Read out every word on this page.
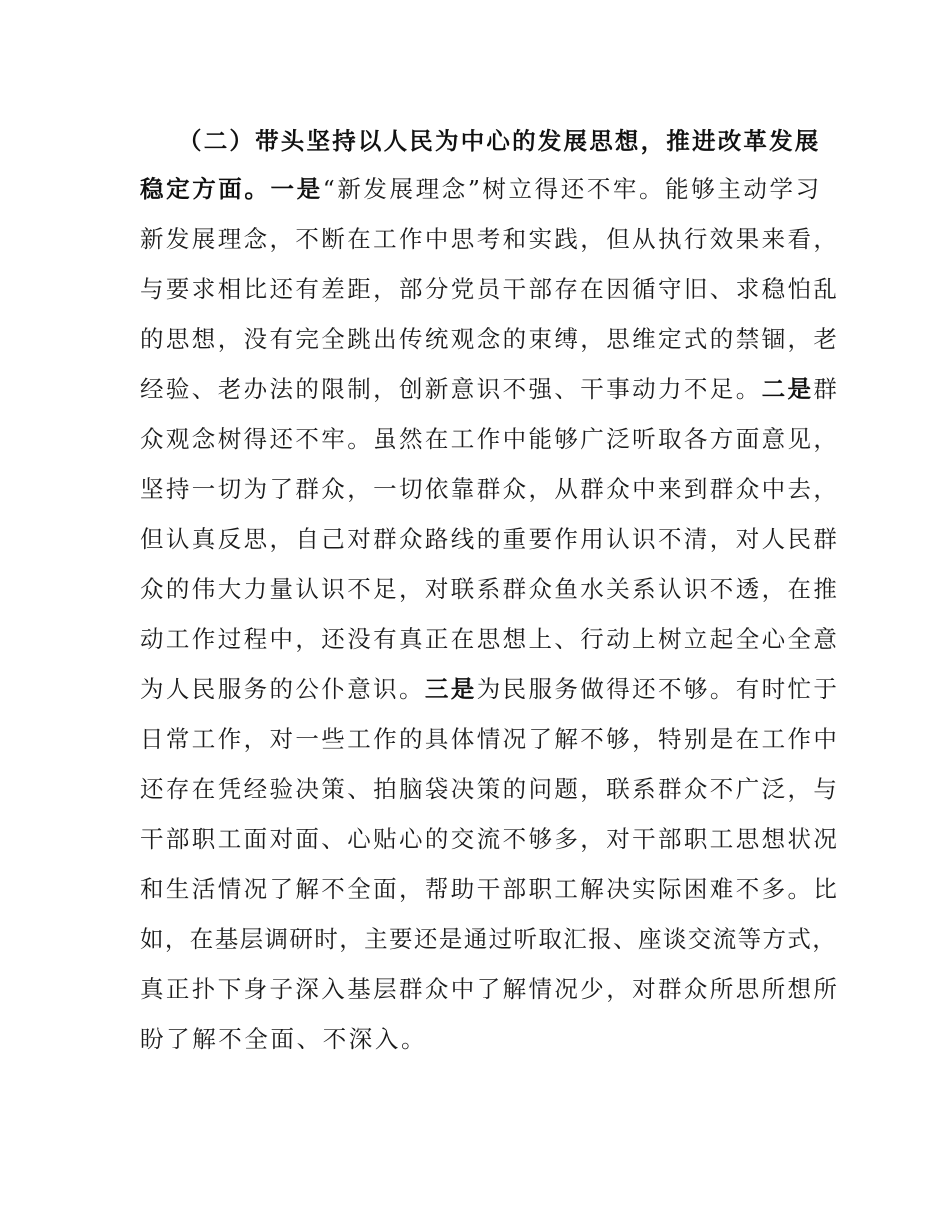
（二）带头坚持以人民为中心的发展思想，推进改革发展
稳定方面。一是“新发展理念”树立得还不牢。能够主动学习
新发展理念，不断在工作中思考和实践，但从执行效果来看，
与要求相比还有差距，部分党员干部存在因循守旧、求稳怕乱
的思想，没有完全跳出传统观念的束缚，思维定式的禁锢，老
经验、老办法的限制，创新意识不强、干事动力不足。二是群
众观念树得还不牢。虽然在工作中能够广泛听取各方面意见，
坚持一切为了群众，一切依靠群众，从群众中来到群众中去，
但认真反思，自己对群众路线的重要作用认识不清，对人民群
众的伟大力量认识不足，对联系群众鱼水关系认识不透，在推
动工作过程中，还没有真正在思想上、行动上树立起全心全意
为人民服务的公仆意识。三是为民服务做得还不够。有时忙于
日常工作，对一些工作的具体情况了解不够，特别是在工作中
还存在凭经验决策、拍脑袋决策的问题，联系群众不广泛，与
干部职工面对面、心贴心的交流不够多，对干部职工思想状况
和生活情况了解不全面，帮助干部职工解决实际困难不多。比
如，在基层调研时，主要还是通过听取汇报、座谈交流等方式，
真正扑下身子深入基层群众中了解情况少，对群众所思所想所
盼了解不全面、不深入。
